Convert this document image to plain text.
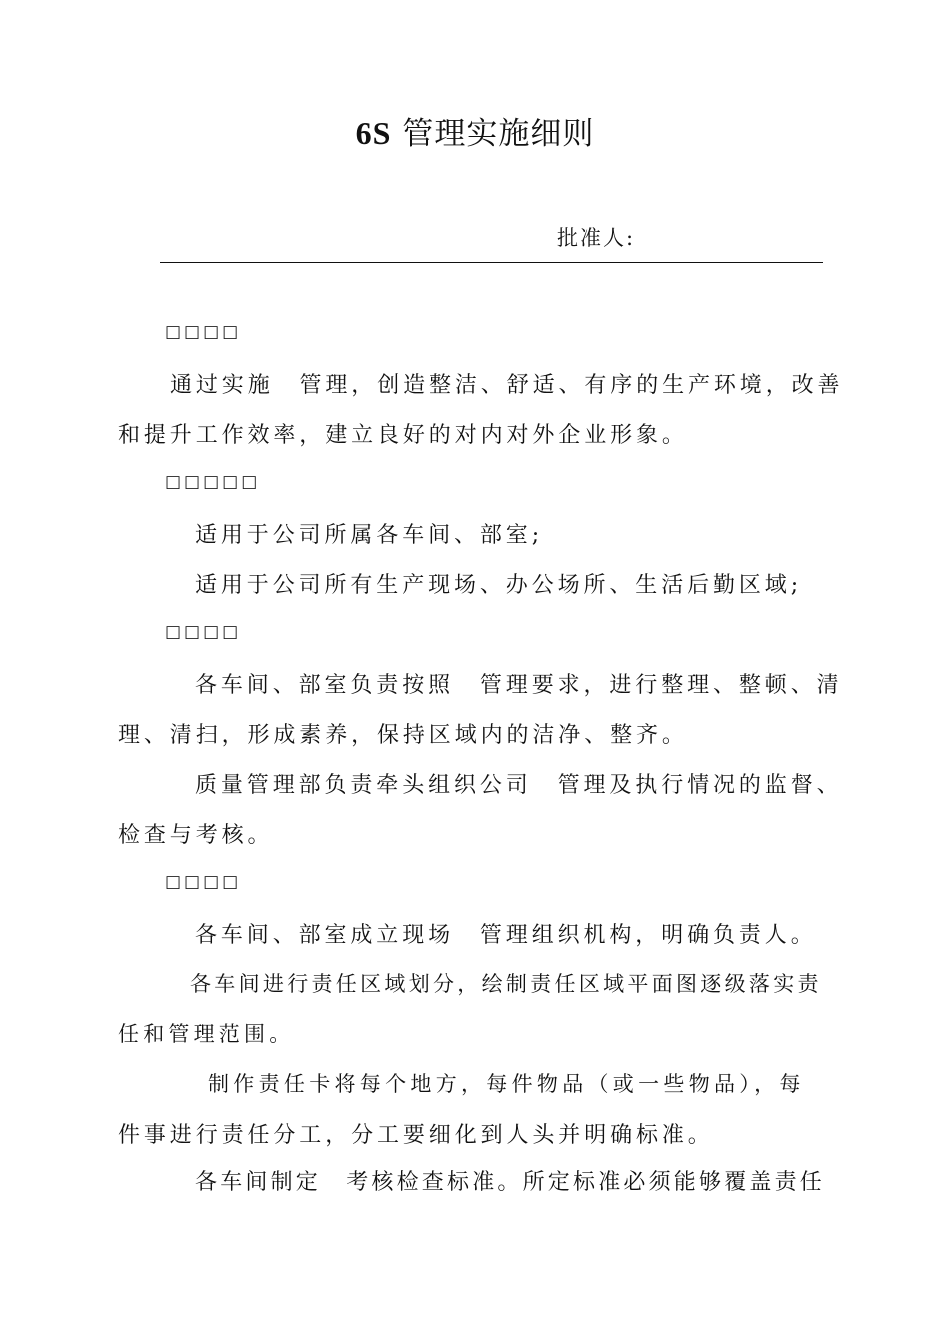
6S 管理实施细则
批准人:
□□□□
通过实施　管理，创造整洁、舒适、有序的生产环境，改善
和提升工作效率，建立良好的对内对外企业形象。
□□□□□
适用于公司所属各车间、部室;
适用于公司所有生产现场、办公场所、生活后勤区域;
□□□□
各车间、部室负责按照　管理要求，进行整理、整顿、清
理、清扫，形成素养，保持区域内的洁净、整齐。
质量管理部负责牵头组织公司　管理及执行情况的监督、
检查与考核。
□□□□
各车间、部室成立现场　管理组织机构，明确负责人。
各车间进行责任区域划分，绘制责任区域平面图逐级落实责
任和管理范围。
制作责任卡将每个地方，每件物品（或一些物品），每
件事进行责任分工，分工要细化到人头并明确标准。
各车间制定　考核检查标准。所定标准必须能够覆盖责任
